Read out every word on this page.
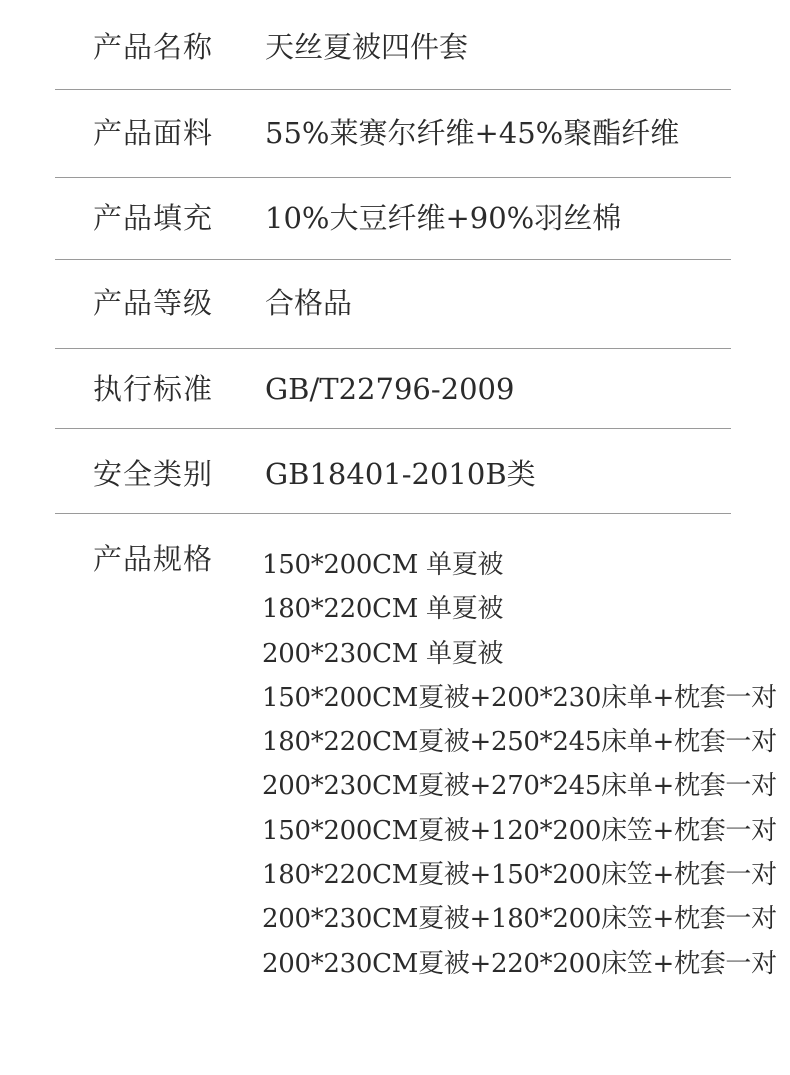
产品名称 天丝夏被四件套
产品面料 55%莱赛尔纤维+45%聚酯纤维
产品填充 10%大豆纤维+90%羽丝棉
产品等级 合格品
执行标准 GB/T22796-2009
安全类别 GB18401-2010B类
产品规格 150*200CM 单夏被
180*220CM 单夏被
200*230CM 单夏被
150*200CM夏被+200*230床单+枕套一对
180*220CM夏被+250*245床单+枕套一对
200*230CM夏被+270*245床单+枕套一对
150*200CM夏被+120*200床笠+枕套一对
180*220CM夏被+150*200床笠+枕套一对
200*230CM夏被+180*200床笠+枕套一对
200*230CM夏被+220*200床笠+枕套一对
